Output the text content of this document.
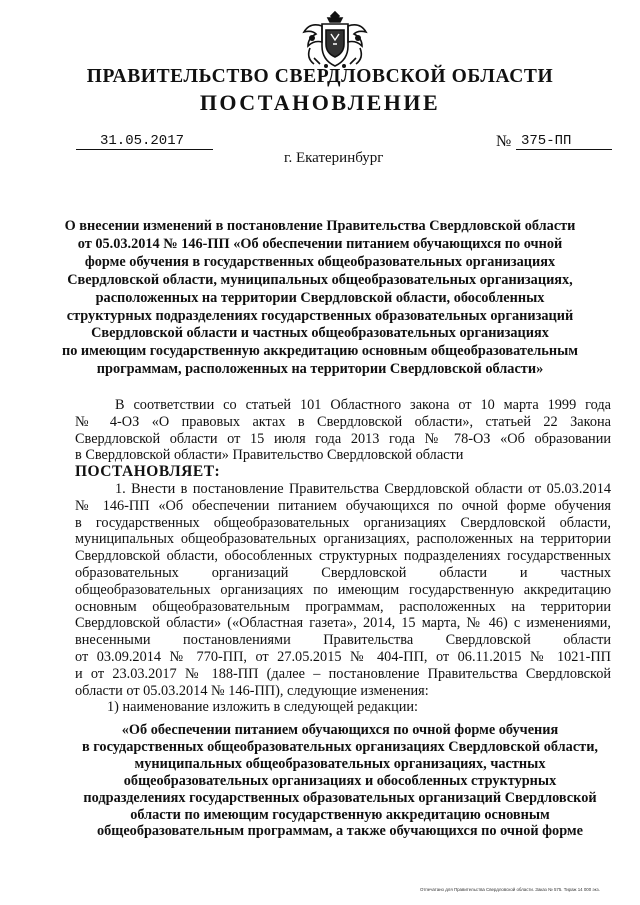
ПРАВИТЕЛЬСТВО СВЕРДЛОВСКОЙ ОБЛАСТИ
ПОСТАНОВЛЕНИЕ
31.05.2017	№ 375-ПП
г. Екатеринбург
О внесении изменений в постановление Правительства Свердловской области
от 05.03.2014 № 146-ПП «Об обеспечении питанием обучающихся по очной
форме обучения в государственных общеобразовательных организациях
Свердловской области, муниципальных общеобразовательных организациях,
расположенных на территории Свердловской области, обособленных
структурных подразделениях государственных образовательных организаций
Свердловской области и частных общеобразовательных организациях
по имеющим государственную аккредитацию основным общеобразовательным
программам, расположенных на территории Свердловской области»
В соответствии со статьей 101 Областного закона от 10 марта 1999 года
№ 4-ОЗ «О правовых актах в Свердловской области», статьей 22 Закона
Свердловской области от 15 июля года 2013 года № 78-ОЗ «Об образовании
в Свердловской области» Правительство Свердловской области
ПОСТАНОВЛЯЕТ:
1. Внести в постановление Правительства Свердловской области от 05.03.2014
№ 146-ПП «Об обеспечении питанием обучающихся по очной форме обучения
в государственных общеобразовательных организациях Свердловской области,
муниципальных общеобразовательных организациях, расположенных на территории
Свердловской области, обособленных структурных подразделениях государственных
образовательных организаций Свердловской области и частных
общеобразовательных организациях по имеющим государственную аккредитацию
основным общеобразовательным программам, расположенных на территории
Свердловской области» («Областная газета», 2014, 15 марта, № 46) с изменениями,
внесенными постановлениями Правительства Свердловской области
от 03.09.2014 № 770-ПП, от 27.05.2015 № 404-ПП, от 06.11.2015 № 1021-ПП
и от 23.03.2017 № 188-ПП (далее – постановление Правительства Свердловской
области от 05.03.2014 № 146-ПП), следующие изменения:
1) наименование изложить в следующей редакции:
«Об обеспечении питанием обучающихся по очной форме обучения
в государственных общеобразовательных организациях Свердловской области,
муниципальных общеобразовательных организациях, частных
общеобразовательных организациях и обособленных структурных
подразделениях государственных образовательных организаций Свердловской
области по имеющим государственную аккредитацию основным
общеобразовательным программам, а также обучающихся по очной форме
Отпечатано для Правительства Свердловской области. Заказ № 575. Тираж 14 000 экз.
